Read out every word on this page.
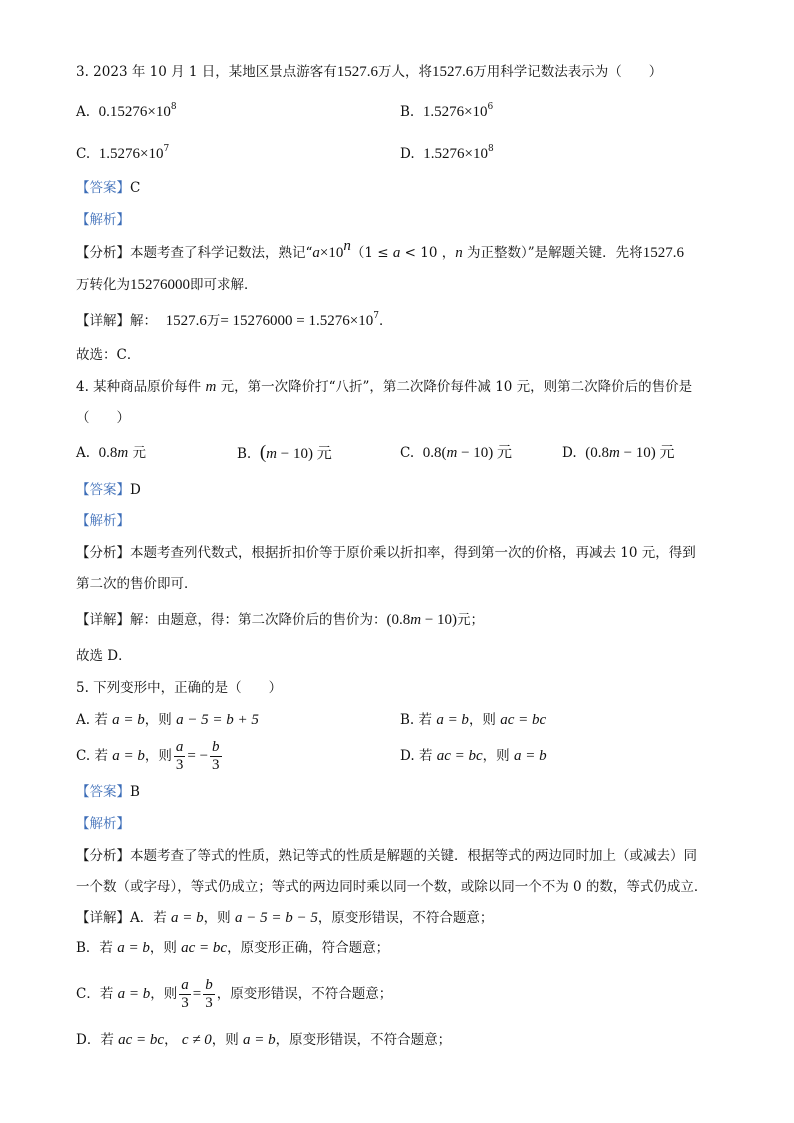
3. 2023 年 10 月 1 日，某地区景点游客有1527.6万人，将1527.6万用科学记数法表示为（　　）
A. $0.15276\times 10^8$	B. $1.5276\times 10^6$
C. $1.5276\times 10^7$	D. $1.5276\times 10^8$
【答案】C
【解析】
【分析】本题考查了科学记数法，熟记“$a\times 10^n(1 \le a < 10$ ，n 为正整数）”是解题关键．先将1527.6
万转化为15276000即可求解．
【详解】解： 1527.6万= $15276000 = 1.5276\times 10^7$．
故选：C．
4. 某种商品原价每件 m 元，第一次降价打“八折”，第二次降价每件减 10 元，则第二次降价后的售价是
（　　）
A. 0.8m 元	B. (m − 10) 元	C. 0.8(m − 10) 元	D. (0.8m − 10) 元
【答案】D
【解析】
【分析】本题考查列代数式，根据折扣价等于原价乘以折扣率，得到第一次的价格，再减去 10 元，得到
第二次的售价即可．
【详解】解：由题意，得：第二次降价后的售价为：(0.8m − 10)元；
故选 D．
5. 下列变形中，正确的是（　　）
A. 若 a = b，则 a − 5 = b + 5	B. 若 a = b，则 ac = bc
C. 若 a = b，则 $\frac{a}{3}$ = − $\frac{b}{3}$	D. 若 ac = bc，则 a = b
【答案】B
【解析】
【分析】本题考查了等式的性质，熟记等式的性质是解题的关键．根据等式的两边同时加上（或减去）同
一个数（或字母），等式仍成立；等式的两边同时乘以同一个数，或除以同一个不为 0 的数，等式仍成立．
【详解】A．若 a = b，则 a − 5 = b − 5，原变形错误，不符合题意；
B．若 a = b，则 ac = bc，原变形正确，符合题意；
C．若 a = b，则 $\frac{a}{3} = \frac{b}{3}$ ，原变形错误，不符合题意；
D．若 ac = bc， c ≠ 0，则 a = b，原变形错误，不符合题意；
